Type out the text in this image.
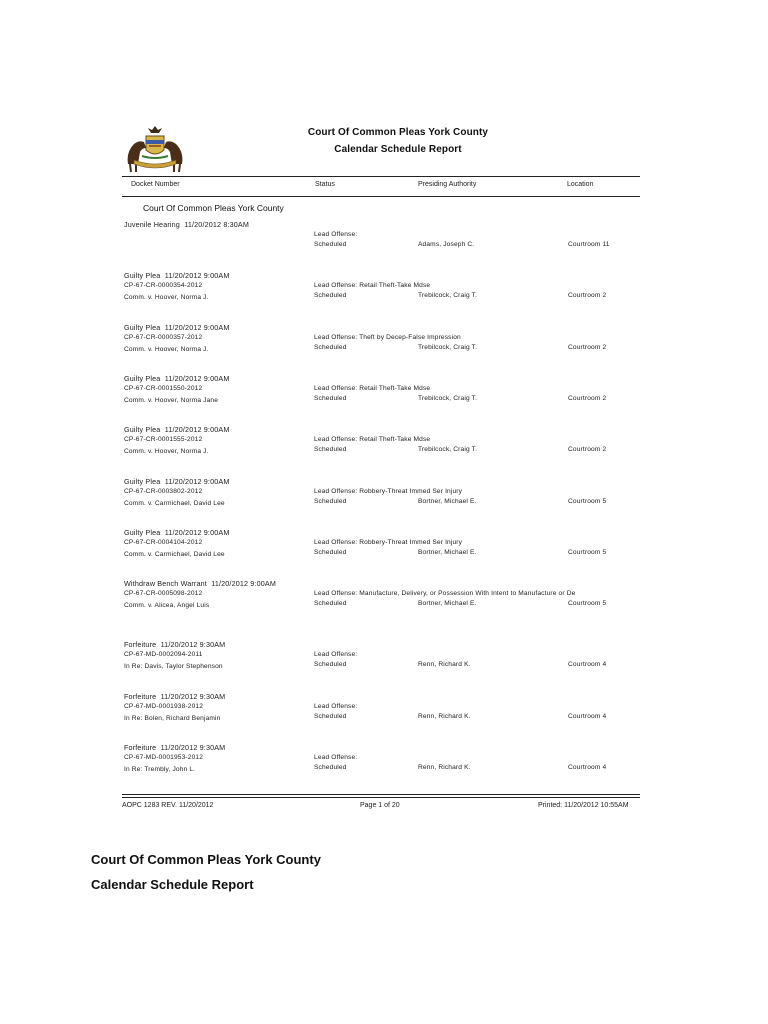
Court Of Common Pleas York County
Calendar Schedule Report
Docket Number	Status	Presiding Authority	Location
Court Of Common Pleas York County
Juvenile Hearing 11/20/2012 8:30AM
Lead Offense:
Scheduled	Adams, Joseph C.	Courtroom 11
Guilty Plea 11/20/2012 9:00AM
CP-67-CR-0000354-2012
Comm. v. Hoover, Norma J.
Lead Offense: Retail Theft-Take Mdse
Scheduled	Trebilcock, Craig T.	Courtroom 2
Guilty Plea 11/20/2012 9:00AM
CP-67-CR-0000357-2012
Comm. v. Hoover, Norma J.
Lead Offense: Theft by Decep-False Impression
Scheduled	Trebilcock, Craig T.	Courtroom 2
Guilty Plea 11/20/2012 9:00AM
CP-67-CR-0001550-2012
Comm. v. Hoover, Norma Jane
Lead Offense: Retail Theft-Take Mdse
Scheduled	Trebilcock, Craig T.	Courtroom 2
Guilty Plea 11/20/2012 9:00AM
CP-67-CR-0001555-2012
Comm. v. Hoover, Norma J.
Lead Offense: Retail Theft-Take Mdse
Scheduled	Trebilcock, Craig T.	Courtroom 2
Guilty Plea 11/20/2012 9:00AM
CP-67-CR-0003802-2012
Comm. v. Carmichael, David Lee
Lead Offense: Robbery-Threat Immed Ser Injury
Scheduled	Bortner, Michael E.	Courtroom 5
Guilty Plea 11/20/2012 9:00AM
CP-67-CR-0004104-2012
Comm. v. Carmichael, David Lee
Lead Offense: Robbery-Threat Immed Ser Injury
Scheduled	Bortner, Michael E.	Courtroom 5
Withdraw Bench Warrant 11/20/2012 9:00AM
CP-67-CR-0005098-2012
Comm. v. Alicea, Angel Luis
Lead Offense: Manufacture, Delivery, or Possession With Intent to Manufacture or De
Scheduled	Bortner, Michael E.	Courtroom 5
Forfeiture 11/20/2012 9:30AM
CP-67-MD-0002094-2011
In Re: Davis, Taylor Stephenson
Lead Offense:
Scheduled	Renn, Richard K.	Courtroom 4
Forfeiture 11/20/2012 9:30AM
CP-67-MD-0001938-2012
In Re: Bolen, Richard Benjamin
Lead Offense:
Scheduled	Renn, Richard K.	Courtroom 4
Forfeiture 11/20/2012 9:30AM
CP-67-MD-0001953-2012
In Re: Trembly, John L.
Lead Offense:
Scheduled	Renn, Richard K.	Courtroom 4
AOPC 1283 REV. 11/20/2012	Page 1 of 20	Printed: 11/20/2012 10:55AM
Court Of Common Pleas York County
Calendar Schedule Report
